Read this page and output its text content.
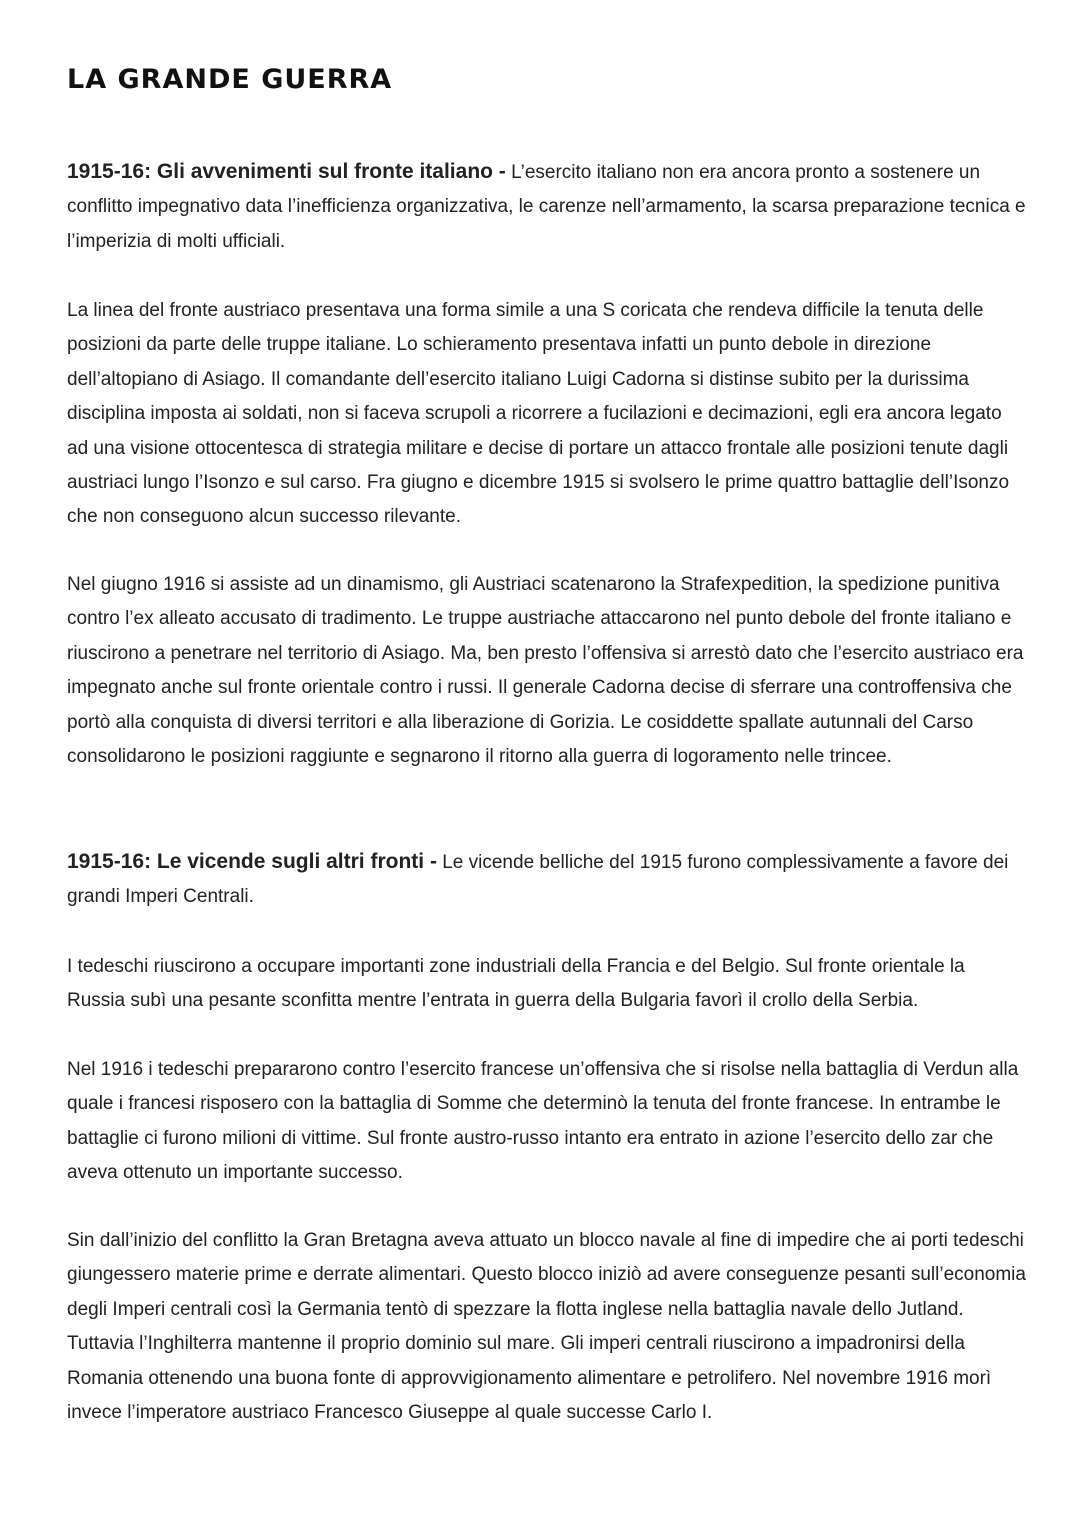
LA GRANDE GUERRA

1915-16: Gli avvenimenti sul fronte italiano - L’esercito italiano non era ancora pronto a sostenere un conflitto impegnativo data l’inefficienza organizzativa, le carenze nell’armamento, la scarsa preparazione tecnica e l’imperizia di molti ufficiali.

La linea del fronte austriaco presentava una forma simile a una S coricata che rendeva difficile la tenuta delle posizioni da parte delle truppe italiane. Lo schieramento presentava infatti un punto debole in direzione dell’altopiano di Asiago. Il comandante dell’esercito italiano Luigi Cadorna si distinse subito per la durissima disciplina imposta ai soldati, non si faceva scrupoli a ricorrere a fucilazioni e decimazioni, egli era ancora legato ad una visione ottocentesca di strategia militare e decise di portare un attacco frontale alle posizioni tenute dagli austriaci lungo l’Isonzo e sul carso. Fra giugno e dicembre 1915 si svolsero le prime quattro battaglie dell’Isonzo che non conseguono alcun successo rilevante.

Nel giugno 1916 si assiste ad un dinamismo, gli Austriaci scatenarono la Strafexpedition, la spedizione punitiva contro l’ex alleato accusato di tradimento. Le truppe austriache attaccarono nel punto debole del fronte italiano e riuscirono a penetrare nel territorio di Asiago. Ma, ben presto l’offensiva si arrestò dato che l’esercito austriaco era impegnato anche sul fronte orientale contro i russi. Il generale Cadorna decise di sferrare una controffensiva che portò alla conquista di diversi territori e alla liberazione di Gorizia. Le cosiddette spallate autunnali del Carso consolidarono le posizioni raggiunte e segnarono il ritorno alla guerra di logoramento nelle trincee.

1915-16: Le vicende sugli altri fronti - Le vicende belliche del 1915 furono complessivamente a favore dei grandi Imperi Centrali.

I tedeschi riuscirono a occupare importanti zone industriali della Francia e del Belgio. Sul fronte orientale la Russia subì una pesante sconfitta mentre l’entrata in guerra della Bulgaria favorì il crollo della Serbia.

Nel 1916 i tedeschi prepararono contro l’esercito francese un’offensiva che si risolse nella battaglia di Verdun alla quale i francesi risposero con la battaglia di Somme che determinò la tenuta del fronte francese. In entrambe le battaglie ci furono milioni di vittime. Sul fronte austro-russo intanto era entrato in azione l’esercito dello zar che aveva ottenuto un importante successo.

Sin dall’inizio del conflitto la Gran Bretagna aveva attuato un blocco navale al fine di impedire che ai porti tedeschi giungessero materie prime e derrate alimentari. Questo blocco iniziò ad avere conseguenze pesanti sull’economia degli Imperi centrali così la Germania tentò di spezzare la flotta inglese nella battaglia navale dello Jutland. Tuttavia l’Inghilterra mantenne il proprio dominio sul mare. Gli imperi centrali riuscirono a impadronirsi della Romania ottenendo una buona fonte di approvvigionamento alimentare e petrolifero. Nel novembre 1916 morì invece l’imperatore austriaco Francesco Giuseppe al quale successe Carlo I.
